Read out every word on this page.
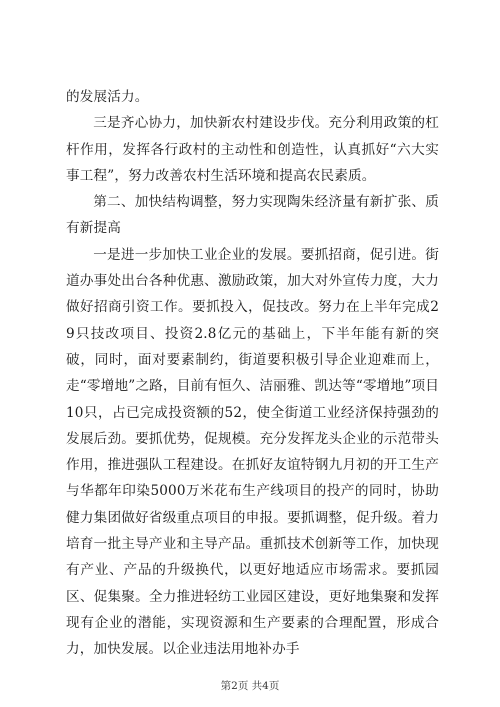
的发展活力。

三是齐心协力，加快新农村建设步伐。充分利用政策的杠杆作用，发挥各行政村的主动性和创造性，认真抓好“六大实事工程”，努力改善农村生活环境和提高农民素质。

第二、加快结构调整，努力实现陶朱经济量有新扩张、质有新提高

一是进一步加快工业企业的发展。要抓招商，促引进。街道办事处出台各种优惠、激励政策，加大对外宣传力度，大力做好招商引资工作。要抓投入，促技改。努力在上半年完成29只技改项目、投资2.8亿元的基础上，下半年能有新的突破，同时，面对要素制约，街道要积极引导企业迎难而上，走“零增地”之路，目前有恒久、洁丽雅、凯达等“零增地”项目10只，占已完成投资额的52，使全街道工业经济保持强劲的发展后劲。要抓优势，促规模。充分发挥龙头企业的示范带头作用，推进强队工程建设。在抓好友谊特钢九月初的开工生产与华都年印染5000万米花布生产线项目的投产的同时，协助健力集团做好省级重点项目的申报。要抓调整，促升级。着力培育一批主导产业和主导产品。重抓技术创新等工作，加快现有产业、产品的升级换代，以更好地适应市场需求。要抓园区、促集聚。全力推进轻纺工业园区建设，更好地集聚和发挥现有企业的潜能，实现资源和生产要素的合理配置，形成合力，加快发展。以企业违法用地补办手

第2页 共4页
